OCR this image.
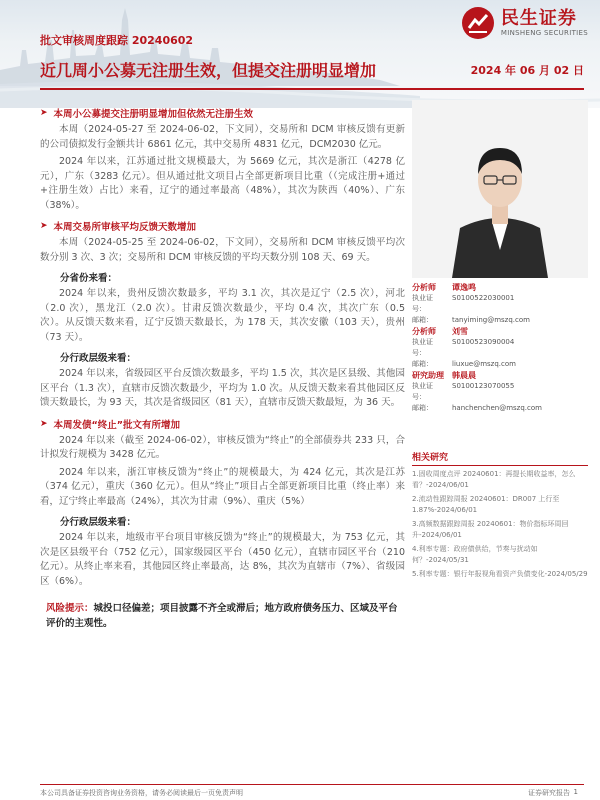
民生证券
MINSHENG SECURITIES
批文审核周度跟踪 20240602
近几周小公募无注册生效，但提交注册明显增加	2024 年 06 月 02 日
➤ 本周小公募提交注册明显增加但依然无注册生效

本周（2024-05-27 至 2024-06-02，下文同），交易所和 DCM 审核反馈有更新的公司债拟发行金额共计 6861 亿元，其中交易所 4831 亿元，DCM2030 亿元。

2024 年以来，江苏通过批文规模最大，为 5669 亿元，其次是浙江（4278 亿元），广东（3283 亿元）。但从通过批文项目占全部更新项目比重（（完成注册+通过+注册生效）占比）来看，辽宁的通过率最高（48%），其次为陕西（40%）、广东（38%）。

➤ 本周交易所审核平均反馈天数增加

本周（2024-05-25 至 2024-06-02，下文同），交易所和 DCM 审核反馈平均次数分别 3 次、3 次；交易所和 DCM 审核反馈的平均天数分别 108 天、69 天。

分省份来看：

2024 年以来，贵州反馈次数最多，平均 3.1 次，其次是辽宁（2.5 次），河北（2.0 次），黑龙江（2.0 次）。甘肃反馈次数最少，平均 0.4 次，其次广东（0.5 次）。从反馈天数来看，辽宁反馈天数最长，为 178 天，其次安徽（103 天），贵州（73 天）。

分行政层级来看：

2024 年以来，省级园区平台反馈次数最多，平均 1.5 次，其次是区县级、其他园区平台（1.3 次），直辖市反馈次数最少，平均为 1.0 次。从反馈天数来看其他园区反馈天数最长，为 93 天，其次是省级园区（81 天），直辖市反馈天数最短，为 36 天。

➤ 本周发债“终止”批文有所增加

2024 年以来（截至 2024-06-02），审核反馈为“终止”的全部债券共 233 只，合计拟发行规模为 3428 亿元。

2024 年以来，浙江审核反馈为“终止”的规模最大，为 424 亿元，其次是江苏（374 亿元），重庆（360 亿元）。但从“终止”项目占全部更新项目比重（终止率）来看，辽宁终止率最高（24%），其次为甘肃（9%）、重庆（5%）

分行政层级来看：

2024 年以来，地级市平台项目审核反馈为“终止”的规模最大，为 753 亿元，其次是区县级平台（752 亿元），国家级园区平台（450 亿元），直辖市园区平台（210 亿元）。从终止率来看，其他园区终止率最高，达 8%，其次为直辖市（7%）、省级园区（6%）。

风险提示：城投口径偏差；项目披露不齐全或滞后；地方政府债务压力、区域及平台评价的主观性。
分析师	谭逸鸣
执业证号：
S0100522030001
邮箱：	tanyiming@mszq.com
分析师	刘雪
执业证号：
S0100523090004
邮箱：	liuxue@mszq.com
研究助理 韩晨晨
执业证号：
S0100123070055
邮箱：	hanchenchen@mszq.com
相关研究
1.固收周度点评 20240601：再提长期收益率，怎么看？-2024/06/01
2.流动性跟踪周报 20240601：DR007 上行至 1.87%-2024/06/01
3.高频数据跟踪周报 20240601：物价指标环周回升-2024/06/01
4.利率专题：政府债供给，节奏与扰动如何？-2024/05/31
5.利率专题：银行年报视角看资产负债变化-2024/05/29
本公司具备证券投资咨询业务资格，请务必阅读最后一页免责声明	证券研究报告 1
